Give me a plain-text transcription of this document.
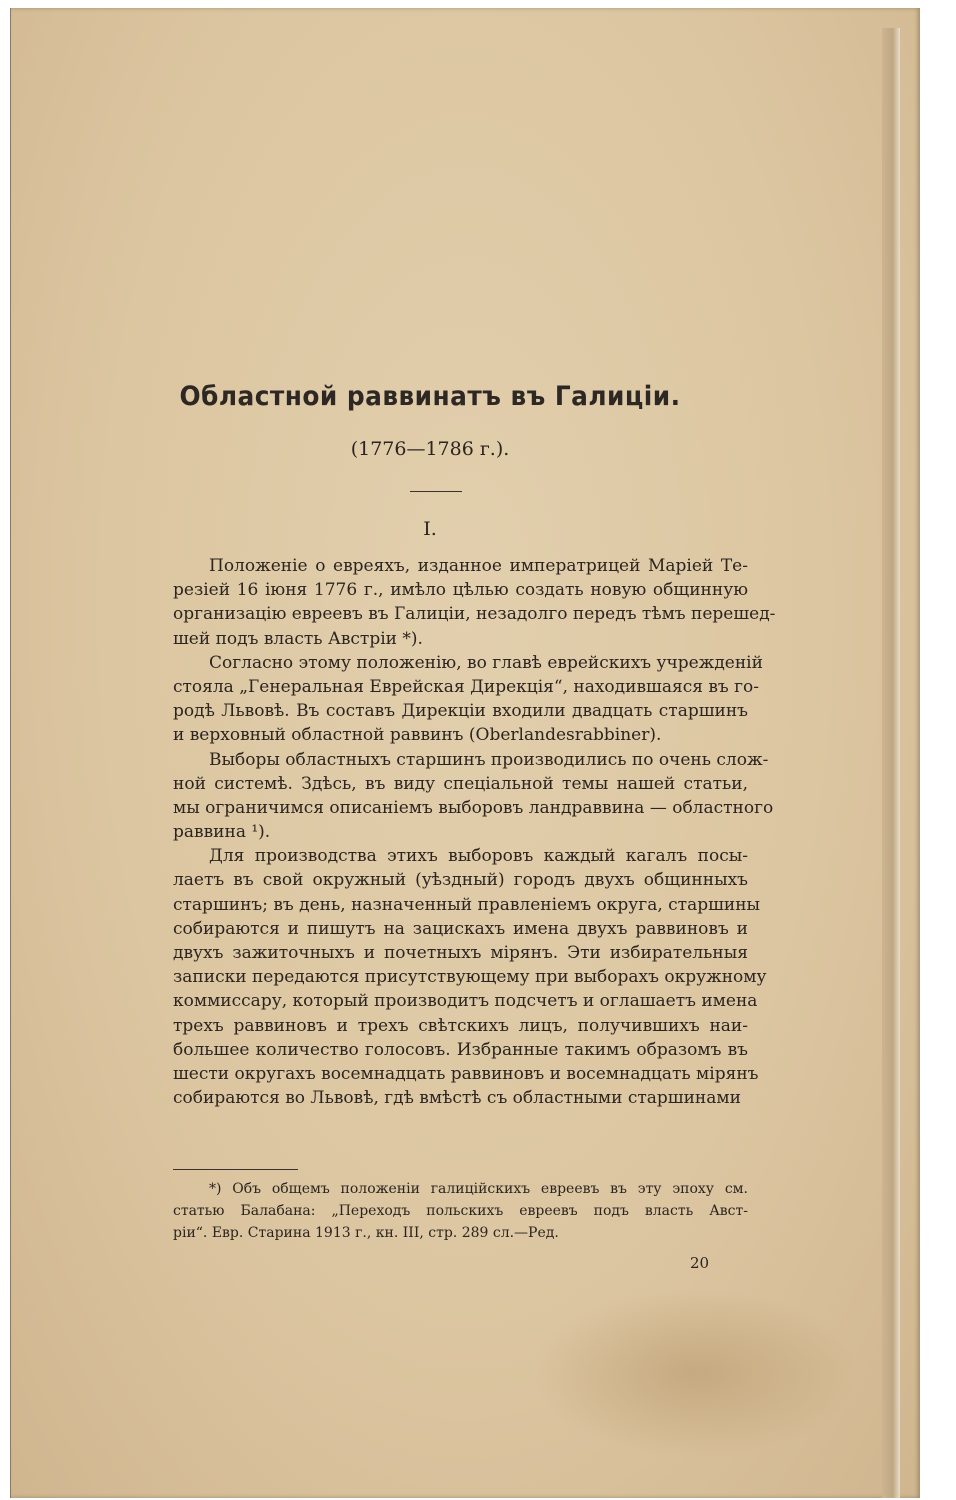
Областной раввинатъ въ Галиціи.
(1776—1786 г.).
I.
Положеніе о евреяхъ, изданное императрицей Маріей Те-
резіей 16 іюня 1776 г., имѣло цѣлью создать новую общинную
организацію евреевъ въ Галиціи, незадолго передъ тѣмъ перешед-
шей подъ власть Австріи *).
Согласно этому положенію, во главѣ еврейскихъ учрежденій
стояла „Генеральная Еврейская Дирекція“, находившаяся въ го-
родѣ Львовѣ. Въ составъ Дирекціи входили двадцать старшинъ
и верховный областной раввинъ (Oberlandesrabbiner).
Выборы областныхъ старшинъ производились по очень слож-
ной системѣ. Здѣсь, въ виду спеціальной темы нашей статьи,
мы ограничимся описаніемъ выборовъ ландраввина — областного
раввина ¹).
Для производства этихъ выборовъ каждый кагалъ посы-
лаетъ въ свой окружный (уѣздный) городъ двухъ общинныхъ
старшинъ; въ день, назначенный правленіемъ округа, старшины
собираются и пишутъ на зацискахъ имена двухъ раввиновъ и
двухъ зажиточныхъ и почетныхъ мірянъ. Эти избирательныя
записки передаются присутствующему при выборахъ окружному
коммиссару, который производитъ подсчетъ и оглашаетъ имена
трехъ раввиновъ и трехъ свѣтскихъ лицъ, получившихъ наи-
большее количество голосовъ. Избранные такимъ образомъ въ
шести округахъ восемнадцать раввиновъ и восемнадцать мірянъ
собираются во Львовѣ, гдѣ вмѣстѣ съ областными старшинами
*) Объ общемъ положеніи галиційскихъ евреевъ въ эту эпоху см.
статью Балабана: „Переходъ польскихъ евреевъ подъ власть Авст-
ріи“. Евр. Старина 1913 г., кн. III, стр. 289 сл.—Ред.
20
